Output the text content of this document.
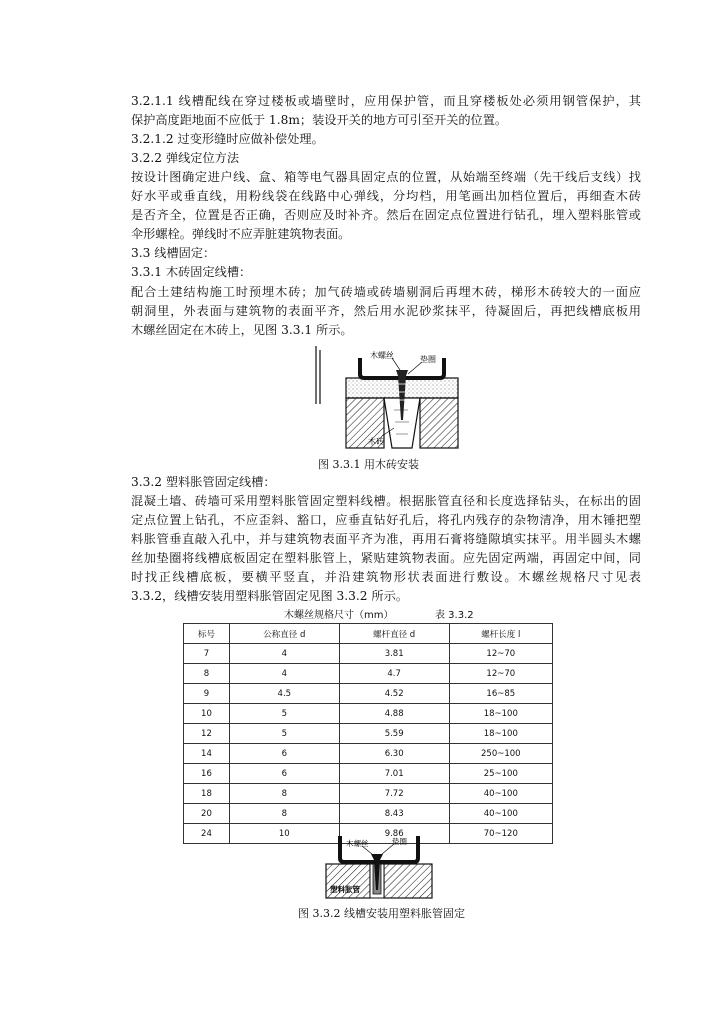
3.2.1.1 线槽配线在穿过楼板或墙壁时，应用保护管，而且穿楼板处必须用钢管保护，其

保护高度距地面不应低于 1.8m；装设开关的地方可引至开关的位置。

3.2.1.2 过变形缝时应做补偿处理。

3.2.2 弹线定位方法

按设计图确定进户线、盒、箱等电气器具固定点的位置，从始端至终端（先干线后支线）找

好水平或垂直线，用粉线袋在线路中心弹线，分均档，用笔画出加档位置后，再细查木砖

是否齐全，位置是否正确，否则应及时补齐。然后在固定点位置进行钻孔，埋入塑料胀管或

伞形螺栓。弹线时不应弄脏建筑物表面。

3.3 线槽固定：

3.3.1 木砖固定线槽：

配合土建结构施工时预埋木砖；加气砖墙或砖墙剔洞后再埋木砖，梯形木砖较大的一面应

朝洞里，外表面与建筑物的表面平齐，然后用水泥砂浆抹平，待凝固后，再把线槽底板用

木螺丝固定在木砖上，见图 3.3.1 所示。

木螺丝	垫圈
木砖
图 3.3.1 用木砖安装

3.3.2 塑料胀管固定线槽：

混凝土墙、砖墙可采用塑料胀管固定塑料线槽。根据胀管直径和长度选择钻头，在标出的固

定点位置上钻孔，不应歪斜、豁口，应垂直钻好孔后，将孔内残存的杂物清净，用木锤把塑

料胀管垂直敲入孔中，并与建筑物表面平齐为准，再用石膏将缝隙填实抹平。用半圆头木螺

丝加垫圈将线槽底板固定在塑料胀管上，紧贴建筑物表面。应先固定两端，再固定中间，同

时找正线槽底板，要横平竖直，并沿建筑物形状表面进行敷设。木螺丝规格尺寸见表

3.3.2，线槽安装用塑料胀管固定见图 3.3.2 所示。

木螺丝规格尺寸（mm）	表 3.3.2
标号	公称直径 d	螺杆直径 d	螺杆长度 l
7	4	3.81	12~70
8	4	4.7	12~70
9	4.5	4.52	16~85
10	5	4.88	18~100
12	5	5.59	18~100
14	6	6.30	250~100
16	6	7.01	25~100
18	8	7.72	40~100
20	8	8.43	40~100
24	10	9.86	70~120
木螺丝	垫圈
塑料胀管
图 3.3.2 线槽安装用塑料胀管固定
